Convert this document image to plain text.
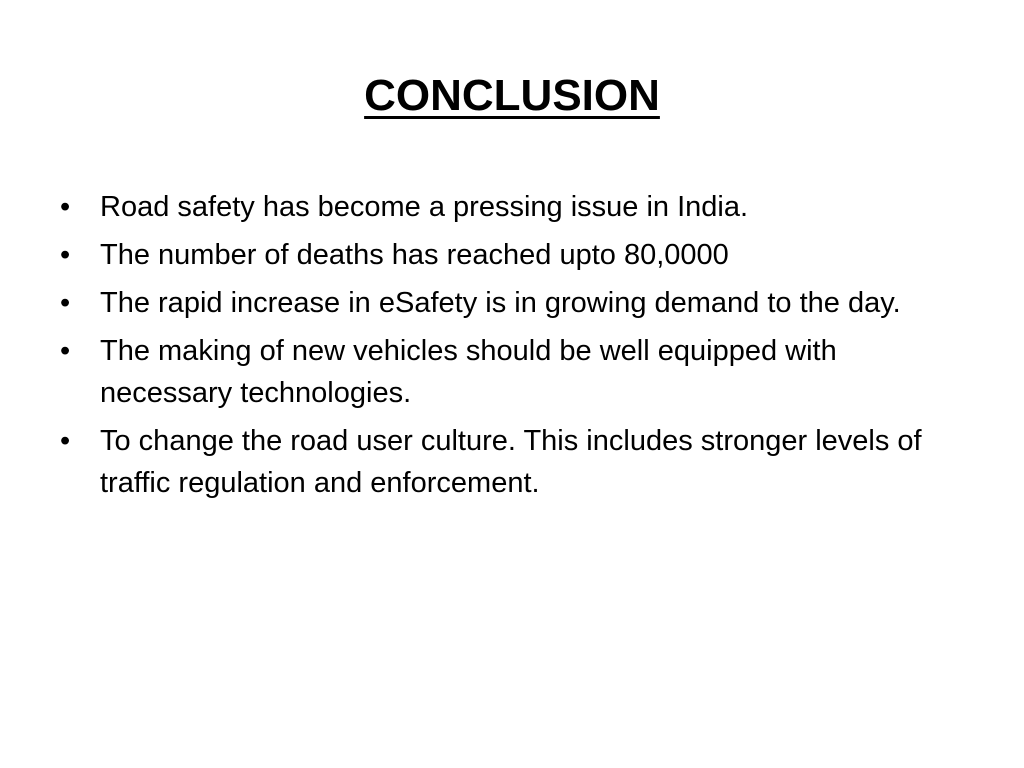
CONCLUSION
•	Road safety has become a pressing issue in India.
•	The number of deaths has reached upto 80,0000
•	The rapid increase in eSafety is in growing demand to the day.
•	The making of new vehicles should be well equipped with necessary technologies.
•	To change the road user culture. This includes stronger levels of traffic regulation and enforcement.
